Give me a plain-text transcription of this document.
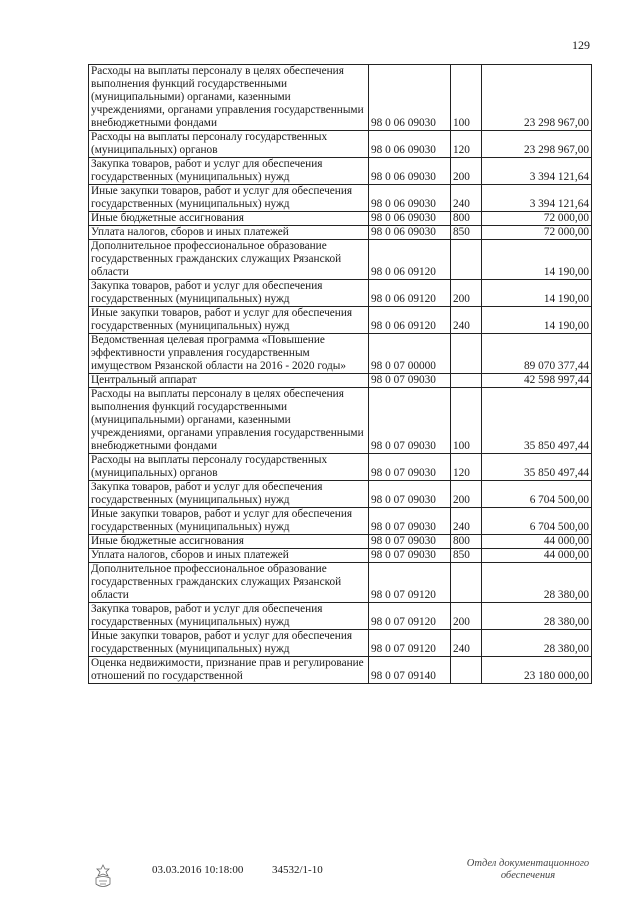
129
Расходы на выплаты персоналу в целях обеспечения выполнения функций государственными (муниципальными) органами, казенными учреждениями, органами управления государственными внебюджетными фондами	98 0 06 09030	100	23 298 967,00
Расходы на выплаты персоналу государственных (муниципальных) органов	98 0 06 09030	120	23 298 967,00
Закупка товаров, работ и услуг для обеспечения государственных (муниципальных) нужд	98 0 06 09030	200	3 394 121,64
Иные закупки товаров, работ и услуг для обеспечения государственных (муниципальных) нужд	98 0 06 09030	240	3 394 121,64
Иные бюджетные ассигнования	98 0 06 09030	800	72 000,00
Уплата налогов, сборов и иных платежей	98 0 06 09030	850	72 000,00
Дополнительное профессиональное образование государственных гражданских служащих Рязанской области	98 0 06 09120		14 190,00
Закупка товаров, работ и услуг для обеспечения государственных (муниципальных) нужд	98 0 06 09120	200	14 190,00
Иные закупки товаров, работ и услуг для обеспечения государственных (муниципальных) нужд	98 0 06 09120	240	14 190,00
Ведомственная целевая программа «Повышение эффективности управления государственным имуществом Рязанской области на 2016 - 2020 годы»	98 0 07 00000		89 070 377,44
Центральный аппарат	98 0 07 09030		42 598 997,44
Расходы на выплаты персоналу в целях обеспечения выполнения функций государственными (муниципальными) органами, казенными учреждениями, органами управления государственными внебюджетными фондами	98 0 07 09030	100	35 850 497,44
Расходы на выплаты персоналу государственных (муниципальных) органов	98 0 07 09030	120	35 850 497,44
Закупка товаров, работ и услуг для обеспечения государственных (муниципальных) нужд	98 0 07 09030	200	6 704 500,00
Иные закупки товаров, работ и услуг для обеспечения государственных (муниципальных) нужд	98 0 07 09030	240	6 704 500,00
Иные бюджетные ассигнования	98 0 07 09030	800	44 000,00
Уплата налогов, сборов и иных платежей	98 0 07 09030	850	44 000,00
Дополнительное профессиональное образование государственных гражданских служащих Рязанской области	98 0 07 09120		28 380,00
Закупка товаров, работ и услуг для обеспечения государственных (муниципальных) нужд	98 0 07 09120	200	28 380,00
Иные закупки товаров, работ и услуг для обеспечения государственных (муниципальных) нужд	98 0 07 09120	240	28 380,00
Оценка недвижимости, признание прав и регулирование отношений по государственной	98 0 07 09140		23 180 000,00
03.03.2016 10:18:00	34532/1-10
Отдел документационного обеспечения
